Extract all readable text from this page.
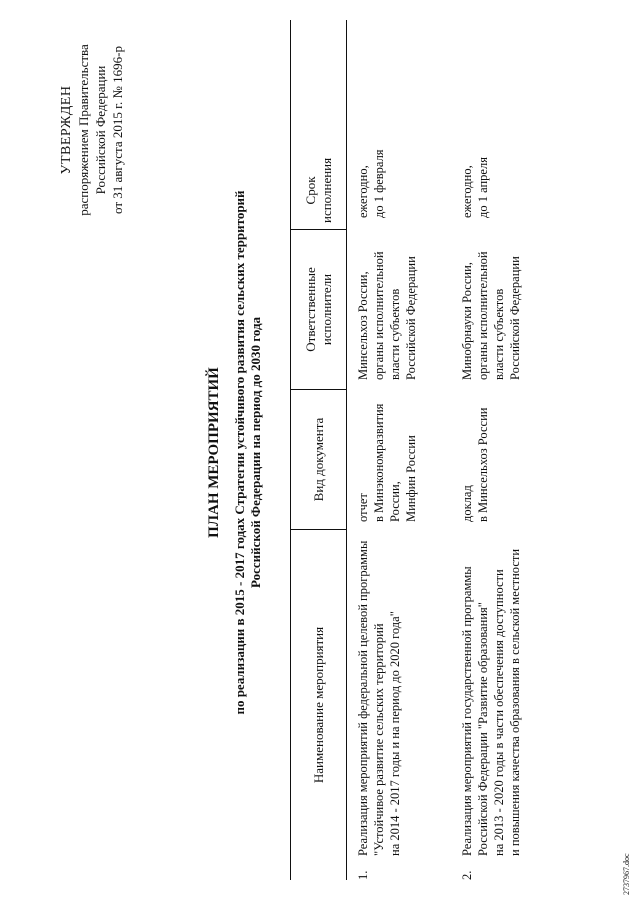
УТВЕРЖДЕН распоряжением Правительства Российской Федерации от 31 августа 2015 г. № 1696-р
ПЛАН МЕРОПРИЯТИЙ по реализации в 2015 - 2017 годах Стратегии устойчивого развития сельских территорий Российской Федерации на период до 2030 года
Наименование мероприятия
Вид документа
Ответственные исполнители
Срок исполнения
1.
Реализация мероприятий федеральной целевой программы "Устойчивое развитие сельских территорий на 2014 - 2017 годы и на период до 2020 года"
отчет в Минэкономразвития России, Минфин России
Минсельхоз России, органы исполнительной власти субъектов Российской Федерации
ежегодно, до 1 февраля
2.
Реализация мероприятий государственной программы Российской Федерации "Развитие образования" на 2013 - 2020 годы в части обеспечения доступности и повышения качества образования в сельской местности
доклад в Минсельхоз России
Минобрнауки России, органы исполнительной власти субъектов Российской Федерации
ежегодно, до 1 апреля
2737967.doc
